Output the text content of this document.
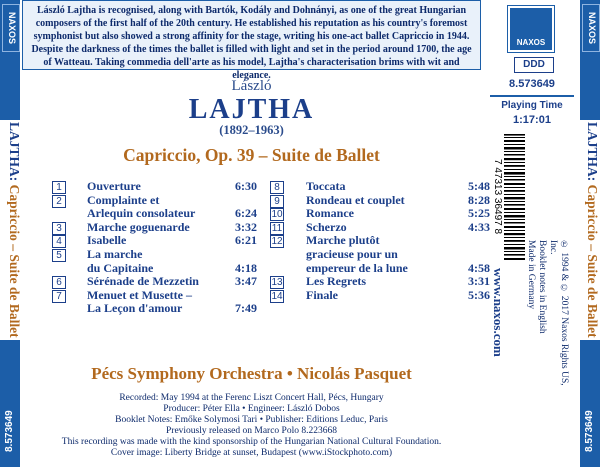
NAXOS
8.573649
NAXOS
8.573649
LAJTHA: Capriccio – Suite de Ballet
LAJTHA: Capriccio – Suite de Ballet
László Lajtha is recognised, along with Bartók, Kodály and Dohnányi, as one of the great Hungarian composers of the first half of the 20th century. He established his reputation as his country's foremost symphonist but also showed a strong affinity for the stage, writing his one-act ballet Capriccio in 1944. Despite the darkness of the times the ballet is filled with light and set in the period around 1700, the age of Watteau. Taking commedia dell'arte as his model, Lajtha's characterisation brims with wit and elegance.
László
LAJTHA
(1892–1963)
Capriccio, Op. 39 – Suite de Ballet
1	Ouverture	6:30
2	Complainte et
Arlequin consolateur	6:24
3	Marche goguenarde	3:32
4	Isabelle	6:21
5	La marche
du Capitaine	4:18
6	Sérénade de Mezzetin	3:47
7	Menuet et Musette –
La Leçon d'amour	7:49
8	Toccata	5:48
9	Rondeau et couplet	8:28
10 Romance	5:25
11 Scherzo	4:33
12 Marche plutôt
gracieuse pour un
empereur de la lune	4:58
13 Les Regrets	3:31
14 Finale	5:36
Pécs Symphony Orchestra • Nicolás Pasquet
Recorded: May 1994 at the Ferenc Liszt Concert Hall, Pécs, Hungary
Producer: Péter Ella • Engineer: László Dobos
Booklet Notes: Emőke Solymosi Tari • Publisher: Editions Leduc, Paris
Previously released on Marco Polo 8.223668
This recording was made with the kind sponsorship of the Hungarian National Cultural Foundation.
Cover image: Liberty Bridge at sunset, Budapest (www.iStockphoto.com)
NAXOS
DDD
8.573649
Playing Time
1:17:01
7 47313 36497 8
www.naxos.com	℗ 1994 & © 2017 Naxos Rights US, Inc.
Booklet notes in English
Made in Germany
